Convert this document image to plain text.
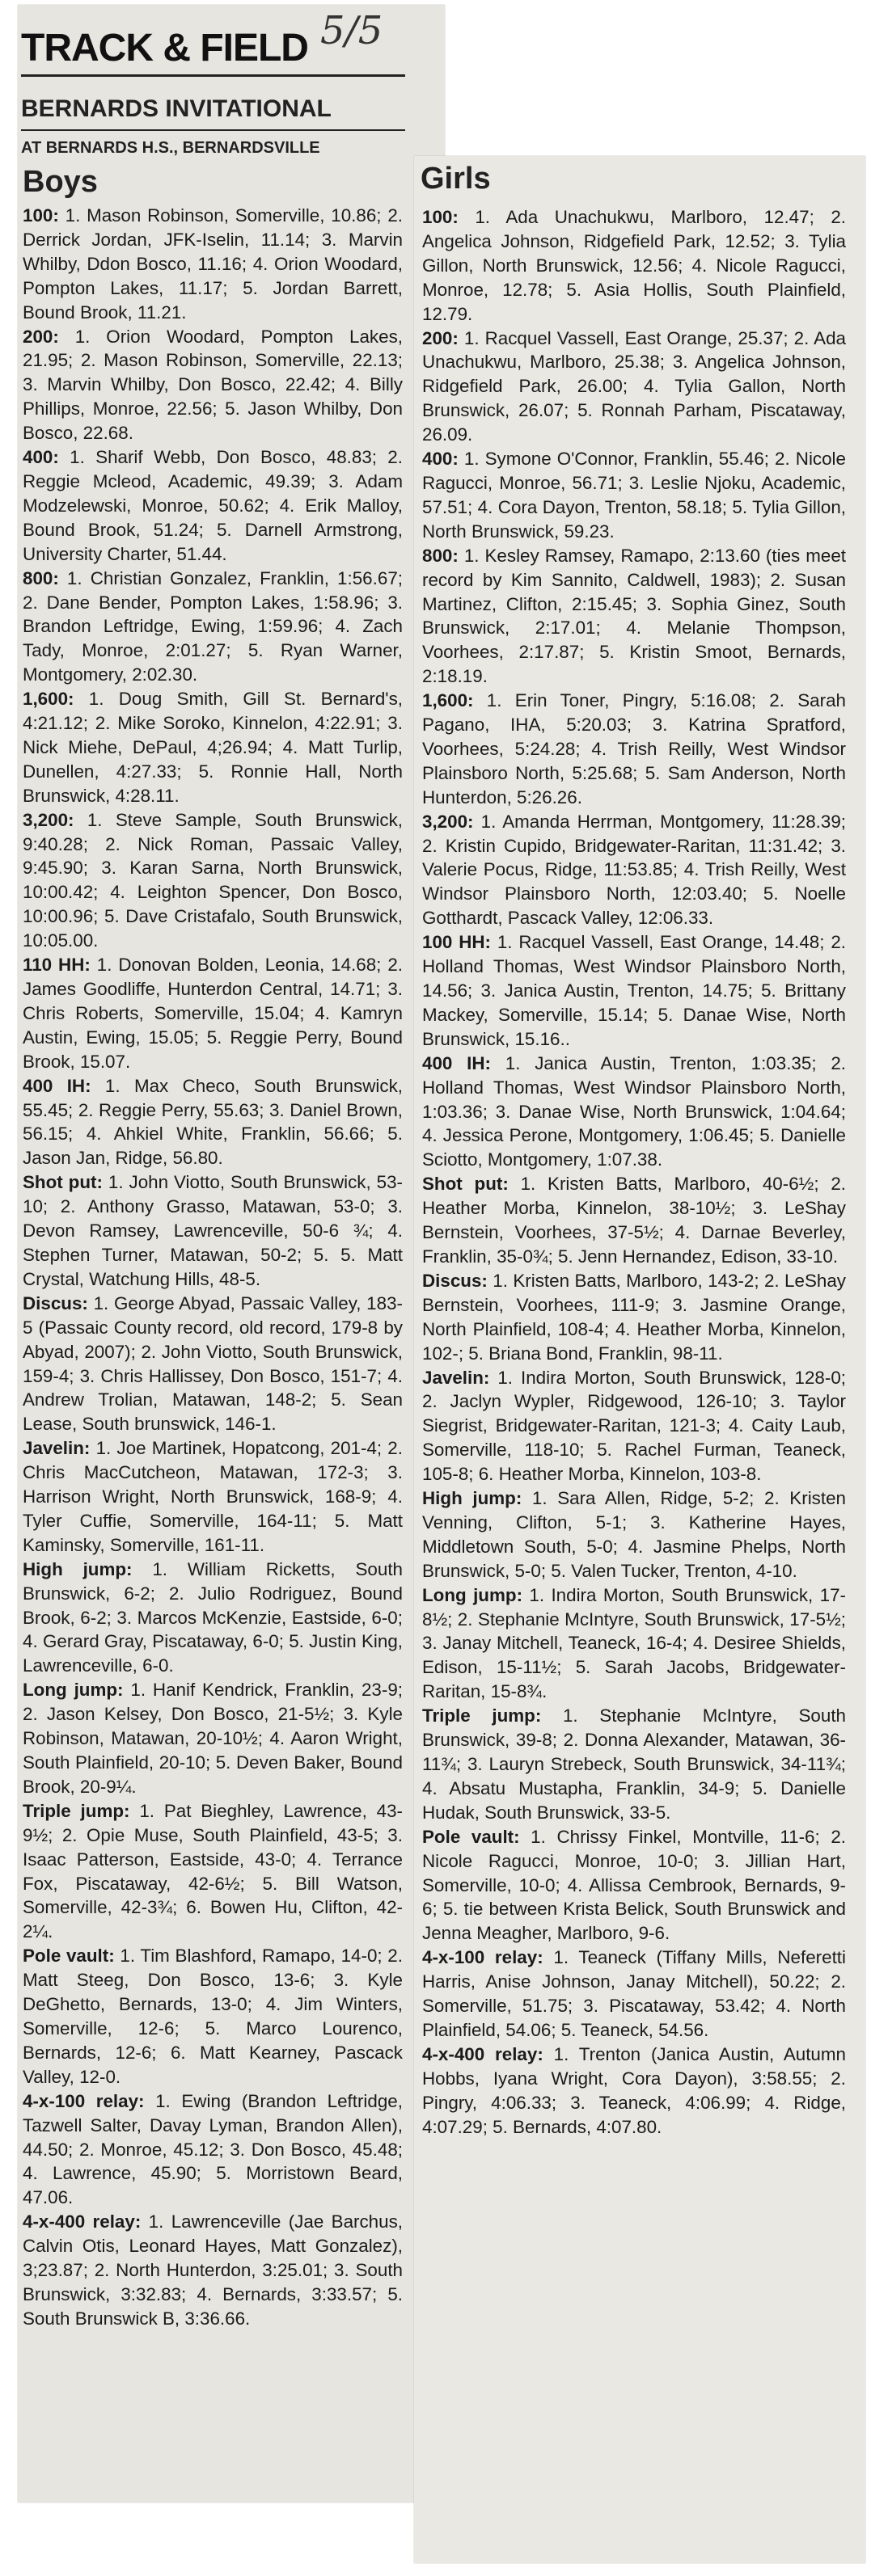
TRACK & FIELD 5/5
BERNARDS INVITATIONAL
AT BERNARDS H.S., BERNARDSVILLE
Boys	Girls

100: 1. Mason Robinson, Somerville, 10.86; 2. Derrick Jordan, JFK-Iselin, 11.14; 3. Marvin Whilby, Ddon Bosco, 11.16; 4. Orion Woodard, Pompton Lakes, 11.17; 5. Jordan Barrett, Bound Brook, 11.21.

200: 1. Orion Woodard, Pompton Lakes, 21.95; 2. Mason Robinson, Somerville, 22.13; 3. Marvin Whilby, Don Bosco, 22.42; 4. Billy Phillips, Monroe, 22.56; 5. Jason Whilby, Don Bosco, 22.68.

400: 1. Sharif Webb, Don Bosco, 48.83; 2. Reggie Mcleod, Academic, 49.39; 3. Adam Modzelewski, Monroe, 50.62; 4. Erik Malloy, Bound Brook, 51.24; 5. Darnell Armstrong, University Charter, 51.44.

800: 1. Christian Gonzalez, Franklin, 1:56.67; 2. Dane Bender, Pompton Lakes, 1:58.96; 3. Brandon Leftridge, Ewing, 1:59.96; 4. Zach Tady, Monroe, 2:01.27; 5. Ryan Warner, Montgomery, 2:02.30.

1,600: 1. Doug Smith, Gill St. Bernard's, 4:21.12; 2. Mike Soroko, Kinnelon, 4:22.91; 3. Nick Miehe, DePaul, 4;26.94; 4. Matt Turlip, Dunellen, 4:27.33; 5. Ronnie Hall, North Brunswick, 4:28.11.

3,200: 1. Steve Sample, South Brunswick, 9:40.28; 2. Nick Roman, Passaic Valley, 9:45.90; 3. Karan Sarna, North Brunswick, 10:00.42; 4. Leighton Spencer, Don Bosco, 10:00.96; 5. Dave Cristafalo, South Brunswick, 10:05.00.

110 HH: 1. Donovan Bolden, Leonia, 14.68; 2. James Goodliffe, Hunterdon Central, 14.71; 3. Chris Roberts, Somerville, 15.04; 4. Kamryn Austin, Ewing, 15.05; 5. Reggie Perry, Bound Brook, 15.07.

400 IH: 1. Max Checo, South Brunswick, 55.45; 2. Reggie Perry, 55.63; 3. Daniel Brown, 56.15; 4. Ahkiel White, Franklin, 56.66; 5. Jason Jan, Ridge, 56.80.

Shot put: 1. John Viotto, South Brunswick, 53-10; 2. Anthony Grasso, Matawan, 53-0; 3. Devon Ramsey, Lawrenceville, 50-6 ¾; 4. Stephen Turner, Matawan, 50-2; 5. 5. Matt Crystal, Watchung Hills, 48-5.

Discus: 1. George Abyad, Passaic Valley, 183-5 (Passaic County record, old record, 179-8 by Abyad, 2007); 2. John Viotto, South Brunswick, 159-4; 3. Chris Hallissey, Don Bosco, 151-7; 4. Andrew Trolian, Matawan, 148-2; 5. Sean Lease, South brunswick, 146-1.

Javelin: 1. Joe Martinek, Hopatcong, 201-4; 2. Chris MacCutcheon, Matawan, 172-3; 3. Harrison Wright, North Brunswick, 168-9; 4. Tyler Cuffie, Somerville, 164-11; 5. Matt Kaminsky, Somerville, 161-11.

High jump: 1. William Ricketts, South Brunswick, 6-2; 2. Julio Rodriguez, Bound Brook, 6-2; 3. Marcos McKenzie, Eastside, 6-0; 4. Gerard Gray, Piscataway, 6-0; 5. Justin King, Lawrenceville, 6-0.

Long jump: 1. Hanif Kendrick, Franklin, 23-9; 2. Jason Kelsey, Don Bosco, 21-5½; 3. Kyle Robinson, Matawan, 20-10½; 4. Aaron Wright, South Plainfield, 20-10; 5. Deven Baker, Bound Brook, 20-9¼.

Triple jump: 1. Pat Bieghley, Lawrence, 43-9½; 2. Opie Muse, South Plainfield, 43-5; 3. Isaac Patterson, Eastside, 43-0; 4. Terrance Fox, Piscataway, 42-6½; 5. Bill Watson, Somerville, 42-3¾; 6. Bowen Hu, Clifton, 42-2¼.

Pole vault: 1. Tim Blashford, Ramapo, 14-0; 2. Matt Steeg, Don Bosco, 13-6; 3. Kyle DeGhetto, Bernards, 13-0; 4. Jim Winters, Somerville, 12-6; 5. Marco Lourenco, Bernards, 12-6; 6. Matt Kearney, Pascack Valley, 12-0.

4-x-100 relay: 1. Ewing (Brandon Leftridge, Tazwell Salter, Davay Lyman, Brandon Allen), 44.50; 2. Monroe, 45.12; 3. Don Bosco, 45.48; 4. Lawrence, 45.90; 5. Morristown Beard, 47.06.

4-x-400 relay: 1. Lawrenceville (Jae Barchus, Calvin Otis, Leonard Hayes, Matt Gonzalez), 3;23.87; 2. North Hunterdon, 3:25.01; 3. South Brunswick, 3:32.83; 4. Bernards, 3:33.57; 5. South Brunswick B, 3:36.66.

100: 1. Ada Unachukwu, Marlboro, 12.47; 2. Angelica Johnson, Ridgefield Park, 12.52; 3. Tylia Gillon, North Brunswick, 12.56; 4. Nicole Ragucci, Monroe, 12.78; 5. Asia Hollis, South Plainfield, 12.79.

200: 1. Racquel Vassell, East Orange, 25.37; 2. Ada Unachukwu, Marlboro, 25.38; 3. Angelica Johnson, Ridgefield Park, 26.00; 4. Tylia Gallon, North Brunswick, 26.07; 5. Ronnah Parham, Piscataway, 26.09.

400: 1. Symone O'Connor, Franklin, 55.46; 2. Nicole Ragucci, Monroe, 56.71; 3. Leslie Njoku, Academic, 57.51; 4. Cora Dayon, Trenton, 58.18; 5. Tylia Gillon, North Brunswick, 59.23.

800: 1. Kesley Ramsey, Ramapo, 2:13.60 (ties meet record by Kim Sannito, Caldwell, 1983); 2. Susan Martinez, Clifton, 2:15.45; 3. Sophia Ginez, South Brunswick, 2:17.01; 4. Melanie Thompson, Voorhees, 2:17.87; 5. Kristin Smoot, Bernards, 2:18.19.

1,600: 1. Erin Toner, Pingry, 5:16.08; 2. Sarah Pagano, IHA, 5:20.03; 3. Katrina Spratford, Voorhees, 5:24.28; 4. Trish Reilly, West Windsor Plainsboro North, 5:25.68; 5. Sam Anderson, North Hunterdon, 5:26.26.

3,200: 1. Amanda Herrman, Montgomery, 11:28.39; 2. Kristin Cupido, Bridgewater-Raritan, 11:31.42; 3. Valerie Pocus, Ridge, 11:53.85; 4. Trish Reilly, West Windsor Plainsboro North, 12:03.40; 5. Noelle Gotthardt, Pascack Valley, 12:06.33.

100 HH: 1. Racquel Vassell, East Orange, 14.48; 2. Holland Thomas, West Windsor Plainsboro North, 14.56; 3. Janica Austin, Trenton, 14.75; 5. Brittany Mackey, Somerville, 15.14; 5. Danae Wise, North Brunswick, 15.16..

400 IH: 1. Janica Austin, Trenton, 1:03.35; 2. Holland Thomas, West Windsor Plainsboro North, 1:03.36; 3. Danae Wise, North Brunswick, 1:04.64; 4. Jessica Perone, Montgomery, 1:06.45; 5. Danielle Sciotto, Montgomery, 1:07.38.

Shot put: 1. Kristen Batts, Marlboro, 40-6½; 2. Heather Morba, Kinnelon, 38-10½; 3. LeShay Bernstein, Voorhees, 37-5½; 4. Darnae Beverley, Franklin, 35-0¾; 5. Jenn Hernandez, Edison, 33-10.

Discus: 1. Kristen Batts, Marlboro, 143-2; 2. LeShay Bernstein, Voorhees, 111-9; 3. Jasmine Orange, North Plainfield, 108-4; 4. Heather Morba, Kinnelon, 102-; 5. Briana Bond, Franklin, 98-11.

Javelin: 1. Indira Morton, South Brunswick, 128-0; 2. Jaclyn Wypler, Ridgewood, 126-10; 3. Taylor Siegrist, Bridgewater-Raritan, 121-3; 4. Caity Laub, Somerville, 118-10; 5. Rachel Furman, Teaneck, 105-8; 6. Heather Morba, Kinnelon, 103-8.

High jump: 1. Sara Allen, Ridge, 5-2; 2. Kristen Venning, Clifton, 5-1; 3. Katherine Hayes, Middletown South, 5-0; 4. Jasmine Phelps, North Brunswick, 5-0; 5. Valen Tucker, Trenton, 4-10.

Long jump: 1. Indira Morton, South Brunswick, 17-8½; 2. Stephanie McIntyre, South Brunswick, 17-5½; 3. Janay Mitchell, Teaneck, 16-4; 4. Desiree Shields, Edison, 15-11½; 5. Sarah Jacobs, Bridgewater-Raritan, 15-8¾.

Triple jump: 1. Stephanie McIntyre, South Brunswick, 39-8; 2. Donna Alexander, Matawan, 36-11¾; 3. Lauryn Strebeck, South Brunswick, 34-11¾; 4. Absatu Mustapha, Franklin, 34-9; 5. Danielle Hudak, South Brunswick, 33-5.

Pole vault: 1. Chrissy Finkel, Montville, 11-6; 2. Nicole Ragucci, Monroe, 10-0; 3. Jillian Hart, Somerville, 10-0; 4. Allissa Cembrook, Bernards, 9-6; 5. tie between Krista Belick, South Brunswick and Jenna Meagher, Marlboro, 9-6.

4-x-100 relay: 1. Teaneck (Tiffany Mills, Neferetti Harris, Anise Johnson, Janay Mitchell), 50.22; 2. Somerville, 51.75; 3. Piscataway, 53.42; 4. North Plainfield, 54.06; 5. Teaneck, 54.56.

4-x-400 relay: 1. Trenton (Janica Austin, Autumn Hobbs, Iyana Wright, Cora Dayon), 3:58.55; 2. Pingry, 4:06.33; 3. Teaneck, 4:06.99; 4. Ridge, 4:07.29; 5. Bernards, 4:07.80.
